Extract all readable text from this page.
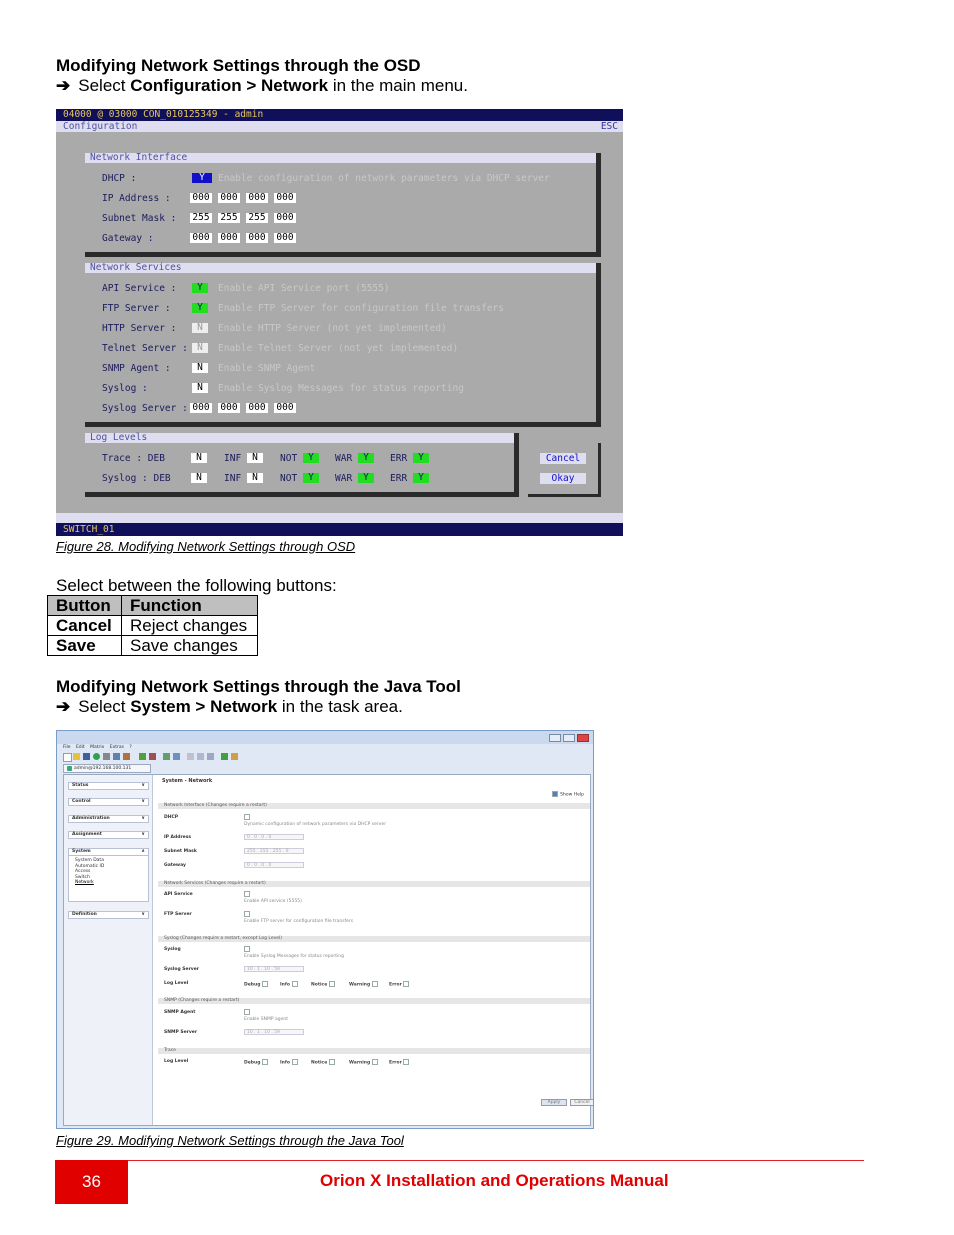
Modifying Network Settings through the OSD
➔ Select Configuration > Network in the main menu.
04000 @ 03000 CON_010125349 - admin
Configuration	ESC
Network Interface
DHCP :	Y	Enable configuration of network parameters via DHCP server
IP Address : 000 000 000 000
Subnet Mask : 255 255 255 000
Gateway :	000 000 000 000
Network Services
API Service :	Y	Enable API Service port (5555)
FTP Server :	Y	Enable FTP Server for configuration file transfers
HTTP Server :	N	Enable HTTP Server (not yet implemented)
Telnet Server : N	Enable Telnet Server (not yet implemented)
SNMP Agent :	N	Enable SNMP Agent
Syslog :	N	Enable Syslog Messages for status reporting
Syslog Server : 000 000 000 000
Log Levels
Trace : DEB	N	INF	N	NOT	Y	WAR	Y	ERR	Y
Syslog : DEB	N	INF	N	NOT	Y	WAR	Y	ERR	Y
Cancel
Okay
SWITCH_01
Figure 28. Modifying Network Settings through OSD
Select between the following buttons:
Button	Function
Cancel	Reject changes
Save	Save changes
Modifying Network Settings through the Java Tool
➔ Select System > Network in the task area.
File Edit Matrix Extras ?
admin@192.168.100.131
Status	∨
Control	∨
Administration	∨
Assignment	∨
System	∧
System Data
Automatic ID
Access
Switch
Network
Definition	∨
System - Network
Show Help
Network Interface (Changes require a restart)
DHCP
Dynamic configuration of network parameters via DHCP server
IP Address	0 . 0 . 0 . 0
Subnet Mask	255 . 255 . 255 . 0
Gateway	0 . 0 . 0 . 0
Network Services (Changes require a restart)
API Service
Enable API service (5555)
FTP Server
Enable FTP server for configuration file transfers
Syslog (Changes require a restart, except Log Level)
Syslog
Enable Syslog Messages for status reporting
Syslog Server	10 . 1 . 10 . 59
Log Level	Debug	Info	Notice	Warning	Error
SNMP (Changes require a restart)
SNMP Agent
Enable SNMP agent
SNMP Server	10 . 1 . 10 . 59
Trace
Log Level	Debug	Info	Notice	Warning	Error
Apply	Cancel
Figure 29. Modifying Network Settings through the Java Tool
36	Orion X Installation and Operations Manual
